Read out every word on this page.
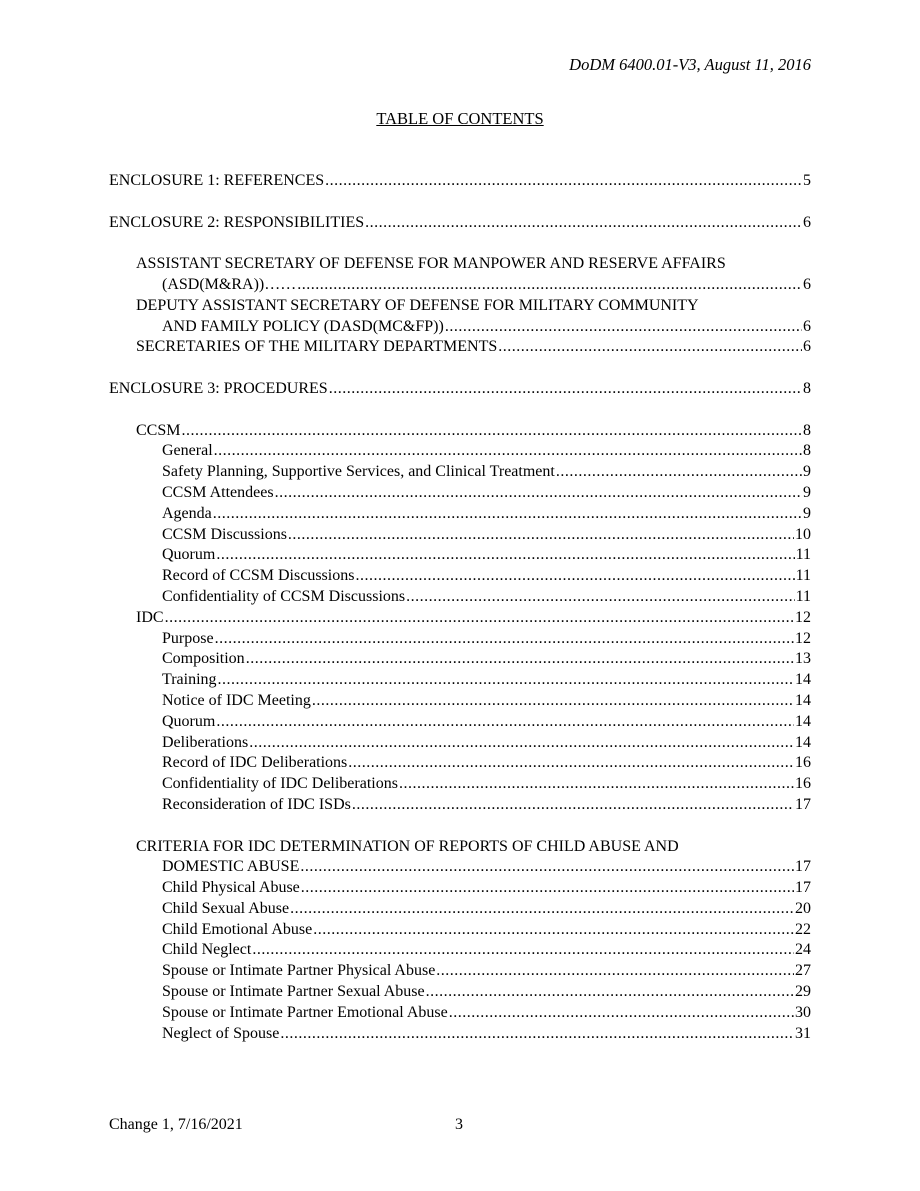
DoDM 6400.01-V3, August 11, 2016
TABLE OF CONTENTS
ENCLOSURE 1: REFERENCES .....	5
ENCLOSURE 2: RESPONSIBILITIES .....	6
ASSISTANT SECRETARY OF DEFENSE FOR MANPOWER AND RESERVE AFFAIRS
(ASD(M&RA))…… .....	6
DEPUTY ASSISTANT SECRETARY OF DEFENSE FOR MILITARY COMMUNITY
AND FAMILY POLICY (DASD(MC&FP)) .....	6
SECRETARIES OF THE MILITARY DEPARTMENTS .....	6
ENCLOSURE 3: PROCEDURES .....	8
CCSM .....	8
General .....	8
Safety Planning, Supportive Services, and Clinical Treatment .....	9
CCSM Attendees .....	9
Agenda .....	9
CCSM Discussions .....	10
Quorum .....	11
Record of CCSM Discussions .....	11
Confidentiality of CCSM Discussions .....	11
IDC .....	12
Purpose .....	12
Composition .....	13
Training .....	14
Notice of IDC Meeting .....	14
Quorum .....	14
Deliberations .....	14
Record of IDC Deliberations .....	16
Confidentiality of IDC Deliberations .....	16
Reconsideration of IDC ISDs .....	17
CRITERIA FOR IDC DETERMINATION OF REPORTS OF CHILD ABUSE AND
DOMESTIC ABUSE .....	17
Child Physical Abuse .....	17
Child Sexual Abuse .....	20
Child Emotional Abuse .....	22
Child Neglect .....	24
Spouse or Intimate Partner Physical Abuse .....	27
Spouse or Intimate Partner Sexual Abuse .....	29
Spouse or Intimate Partner Emotional Abuse .....	30
Neglect of Spouse .....	31
Change 1, 7/16/2021	3
